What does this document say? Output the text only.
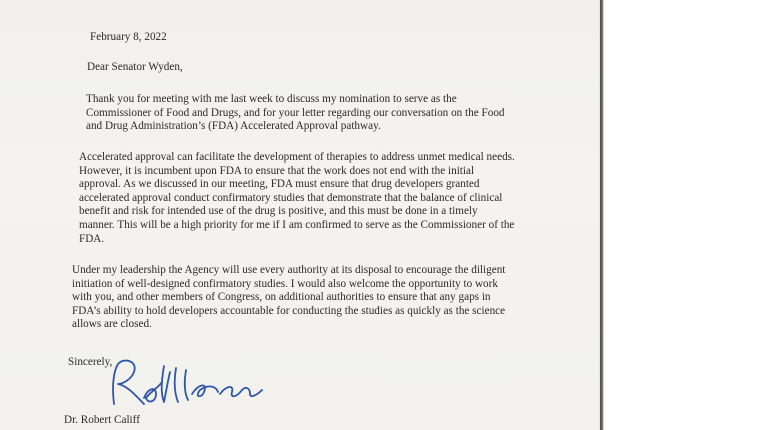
February 8, 2022
Dear Senator Wyden,
Thank you for meeting with me last week to discuss my nomination to serve as the
Commissioner of Food and Drugs, and for your letter regarding our conversation on the Food
and Drug Administration’s (FDA) Accelerated Approval pathway.
Accelerated approval can facilitate the development of therapies to address unmet medical needs.
However, it is incumbent upon FDA to ensure that the work does not end with the initial
approval. As we discussed in our meeting, FDA must ensure that drug developers granted
accelerated approval conduct confirmatory studies that demonstrate that the balance of clinical
benefit and risk for intended use of the drug is positive, and this must be done in a timely
manner. This will be a high priority for me if I am confirmed to serve as the Commissioner of the
FDA.
Under my leadership the Agency will use every authority at its disposal to encourage the diligent
initiation of well-designed confirmatory studies. I would also welcome the opportunity to work
with you, and other members of Congress, on additional authorities to ensure that any gaps in
FDA’s ability to hold developers accountable for conducting the studies as quickly as the science
allows are closed.
Sincerely,
Dr. Robert Califf
